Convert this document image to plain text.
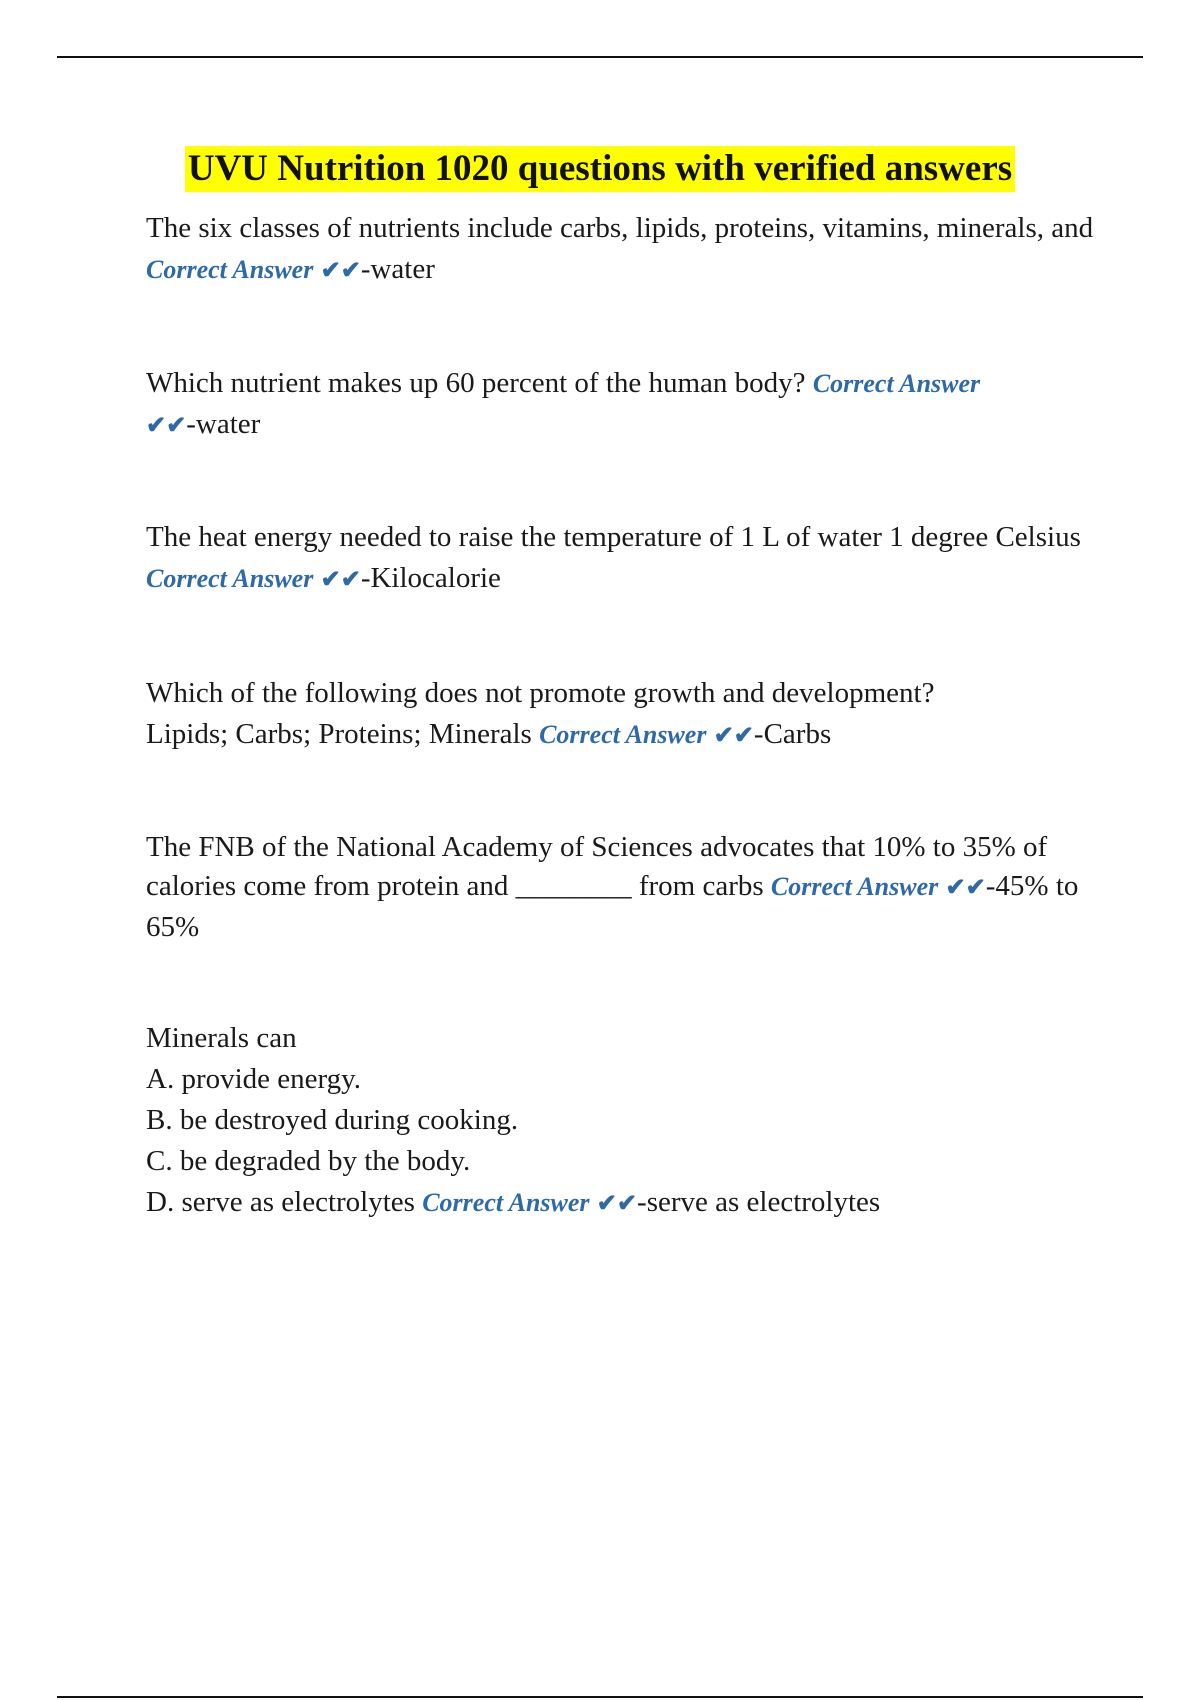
UVU Nutrition 1020 questions with verified answers

The six classes of nutrients include carbs, lipids, proteins, vitamins, minerals, and Correct Answer ✔✔-water

Which nutrient makes up 60 percent of the human body? Correct Answer
✔✔-water

The heat energy needed to raise the temperature of 1 L of water 1 degree Celsius Correct Answer ✔✔-Kilocalorie

Which of the following does not promote growth and development?

Lipids; Carbs; Proteins; Minerals Correct Answer ✔✔-Carbs

The FNB of the National Academy of Sciences advocates that 10% to 35% of calories come from protein and ________ from carbs Correct Answer ✔✔-45% to 65%

Minerals can

A. provide energy.

B. be destroyed during cooking.

C. be degraded by the body.

D. serve as electrolytes Correct Answer ✔✔-serve as electrolytes
